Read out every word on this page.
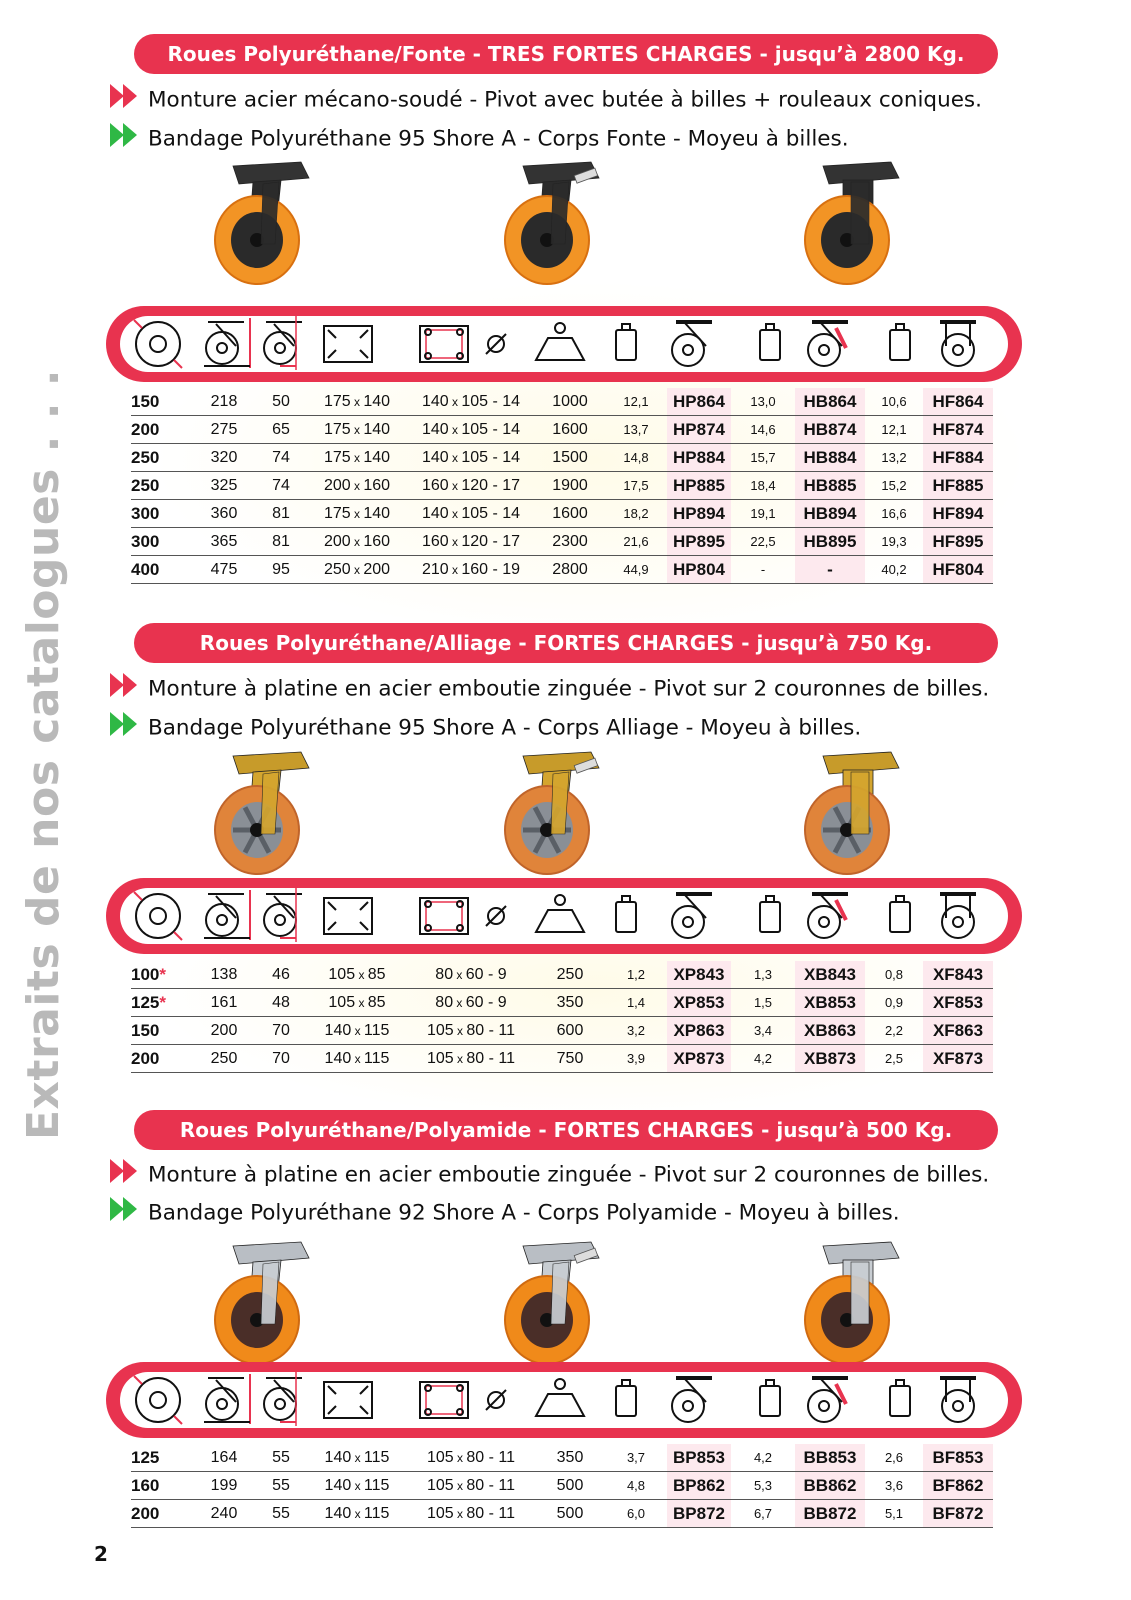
Extraits de nos catalogues . . .
2
Roues Polyuréthane/Fonte - TRES FORTES CHARGES - jusqu’à 2800 Kg.
Monture acier mécano-soudé - Pivot avec butée à billes + rouleaux coniques.
Bandage Polyuréthane 95 Shore A - Corps Fonte - Moyeu à billes.
150	218	50	175 x 140	140 x 105 - 14	1000	12,1	HP864	13,0	HB864	10,6	HF864
200	275	65	175 x 140	140 x 105 - 14	1600	13,7	HP874	14,6	HB874	12,1	HF874
250	320	74	175 x 140	140 x 105 - 14	1500	14,8	HP884	15,7	HB884	13,2	HF884
250	325	74	200 x 160	160 x 120 - 17	1900	17,5	HP885	18,4	HB885	15,2	HF885
300	360	81	175 x 140	140 x 105 - 14	1600	18,2	HP894	19,1	HB894	16,6	HF894
300	365	81	200 x 160	160 x 120 - 17	2300	21,6	HP895	22,5	HB895	19,3	HF895
400	475	95	250 x 200	210 x 160 - 19	2800	44,9	HP804	-	-	40,2	HF804
Roues Polyuréthane/Alliage - FORTES CHARGES - jusqu’à 750 Kg.
Monture à platine en acier emboutie zinguée - Pivot sur 2 couronnes de billes.
Bandage Polyuréthane 95 Shore A - Corps Alliage - Moyeu à billes.
100*	138	46	105 x 85	80 x 60 - 9	250	1,2	XP843	1,3	XB843	0,8	XF843
125*	161	48	105 x 85	80 x 60 - 9	350	1,4	XP853	1,5	XB853	0,9	XF853
150	200	70	140 x 115	105 x 80 - 11	600	3,2	XP863	3,4	XB863	2,2	XF863
200	250	70	140 x 115	105 x 80 - 11	750	3,9	XP873	4,2	XB873	2,5	XF873
Roues Polyuréthane/Polyamide - FORTES CHARGES - jusqu’à 500 Kg.
Monture à platine en acier emboutie zinguée - Pivot sur 2 couronnes de billes.
Bandage Polyuréthane 92 Shore A - Corps Polyamide - Moyeu à billes.
125	164	55	140 x 115	105 x 80 - 11	350	3,7	BP853	4,2	BB853	2,6	BF853
160	199	55	140 x 115	105 x 80 - 11	500	4,8	BP862	5,3	BB862	3,6	BF862
200	240	55	140 x 115	105 x 80 - 11	500	6,0	BP872	6,7	BB872	5,1	BF872
